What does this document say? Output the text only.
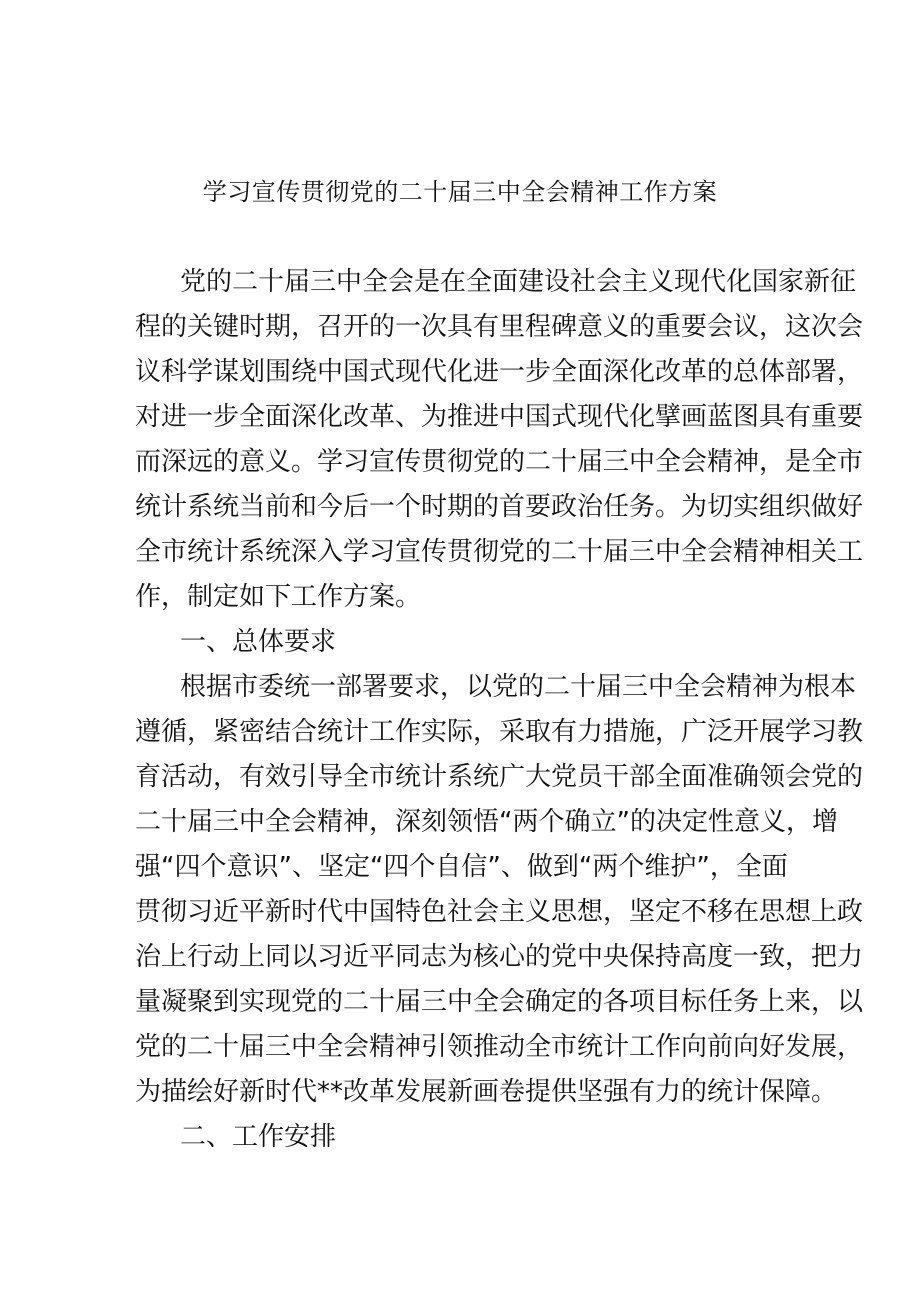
学习宣传贯彻党的二十届三中全会精神工作方案
党的二十届三中全会是在全面建设社会主义现代化国家新征
程的关键时期，召开的一次具有里程碑意义的重要会议，这次会
议科学谋划围绕中国式现代化进一步全面深化改革的总体部署，
对进一步全面深化改革、为推进中国式现代化擘画蓝图具有重要
而深远的意义。学习宣传贯彻党的二十届三中全会精神，是全市
统计系统当前和今后一个时期的首要政治任务。为切实组织做好
全市统计系统深入学习宣传贯彻党的二十届三中全会精神相关工
作，制定如下工作方案。
一、总体要求
根据市委统一部署要求，以党的二十届三中全会精神为根本
遵循，紧密结合统计工作实际，采取有力措施，广泛开展学习教
育活动，有效引导全市统计系统广大党员干部全面准确领会党的
二十届三中全会精神，深刻领悟“两个确立”的决定性意义，增
强“四个意识”、坚定“四个自信”、做到“两个维护”，全面
贯彻习近平新时代中国特色社会主义思想，坚定不移在思想上政
治上行动上同以习近平同志为核心的党中央保持高度一致，把力
量凝聚到实现党的二十届三中全会确定的各项目标任务上来，以
党的二十届三中全会精神引领推动全市统计工作向前向好发展，
为描绘好新时代**改革发展新画卷提供坚强有力的统计保障。
二、工作安排
